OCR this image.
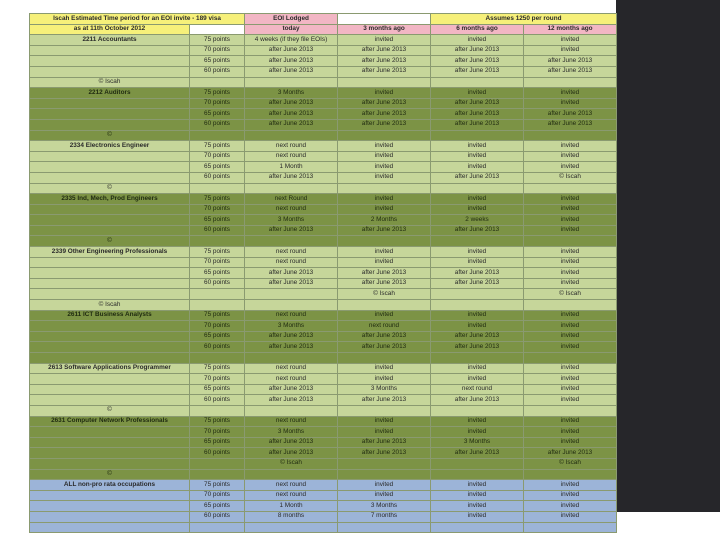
Iscah Estimated Time period for an EOI invite - 189 visa		EOI Lodged		Assumes 1250 per round	
as at 11th October 2012		today	3 months ago	6 months ago	12 months ago
2211 Accountants	75 points	4 weeks (if they file EOIs)	invited	invited	invited
	70 points	after June 2013	after June 2013	after June 2013	invited
	65 points	after June 2013	after June 2013	after June 2013	after June 2013
	60 points	after June 2013	after June 2013	after June 2013	after June 2013
© Iscah					
2212 Auditors	75 points	3 Months	invited	invited	invited
	70 points	after June 2013	after June 2013	after June 2013	invited
	65 points	after June 2013	after June 2013	after June 2013	after June 2013
	60 points	after June 2013	after June 2013	after June 2013	after June 2013
©					
2334 Electronics Engineer	75 points	next round	invited	invited	invited
	70 points	next round	invited	invited	invited
	65 points	1 Month	invited	invited	invited
	60 points	after June 2013	invited	after June 2013	© Iscah
©					
2335 Ind, Mech, Prod Engineers	75 points	next Round	invited	invited	invited
	70 points	next round	invited	invited	invited
	65 points	3 Months	2 Months	2 weeks	invited
	60 points	after June 2013	after June 2013	after June 2013	invited
©					
2339 Other Engineering Professionals	75 points	next round	invited	invited	invited
	70 points	next round	invited	invited	invited
	65 points	after June 2013	after June 2013	after June 2013	invited
	60 points	after June 2013	after June 2013	after June 2013	invited
			© Iscah		© Iscah
© Iscah					
2611 ICT Business Analysts	75 points	next round	invited	invited	invited
	70 points	3 Months	next round	invited	invited
	65 points	after June 2013	after June 2013	after June 2013	invited
	60 points	after June 2013	after June 2013	after June 2013	invited

2613 Software Applications Programmer	75 points	next round	invited	invited	invited
	70 points	next round	invited	invited	invited
	65 points	after June 2013	3 Months	next round	invited
	60 points	after June 2013	after June 2013	after June 2013	invited
©					
2631 Computer Network Professionals	75 points	next round	invited	invited	invited
	70 points	3 Months	invited	invited	invited
	65 points	after June 2013	after June 2013	3 Months	invited
	60 points	after June 2013	after June 2013	after June 2013	after June 2013
		© Iscah			© Iscah
©					
ALL non-pro rata occupations	75 points	next round	invited	invited	invited
	70 points	next round	invited	invited	invited
	65 points	1 Month	3 Months	invited	invited
	60 points	8 months	7 months	invited	invited
